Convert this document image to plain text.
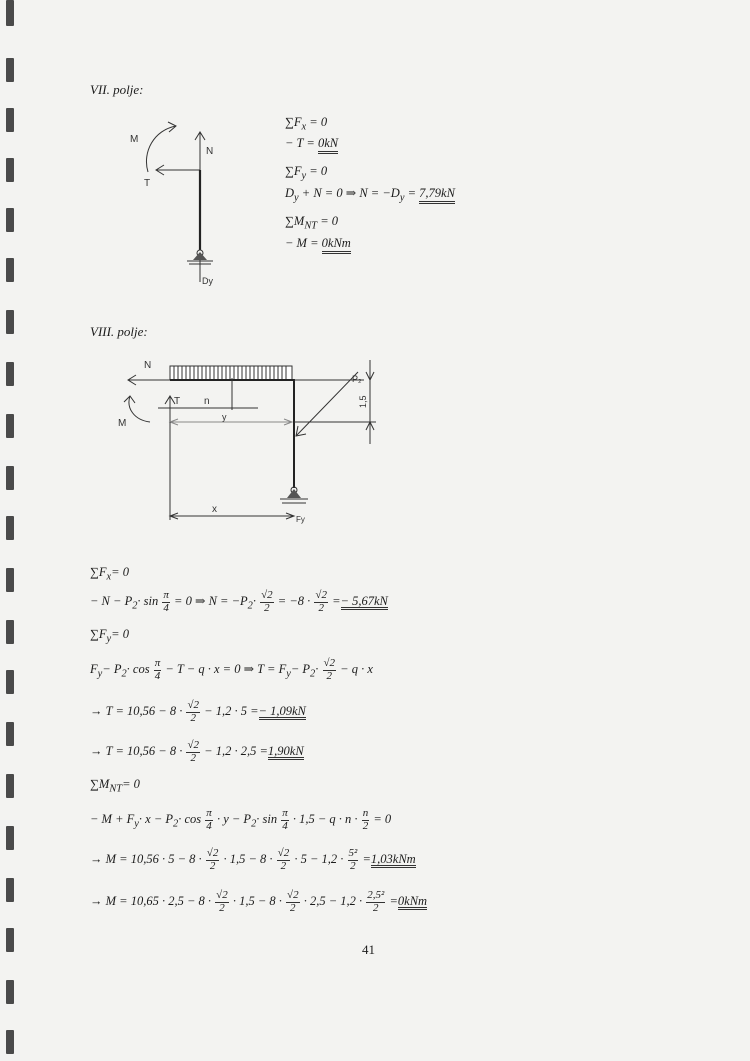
VII. polje:
M
N
T
Dy
$\sum F_x = 0$
− T = 0kN
$\sum F_y = 0$
$D_y + N = 0$ ⇒ $N = -D_y = 7,79kN$
$\sum M_{NT} = 0$
− M = 0kNm
VIII. polje:
N
M
T n
y
P₂
1,5
x
Fy
$\sum F_x= 0$
− $N - P_2\cdot \sin \frac{\pi}{4} = 0$ ⇒ $N = -P_2\cdot \frac{√2}{2} = -8 \cdot \frac{√2}{2} =- 5,67kN$
$\sum F_y= 0$
$F_y- P_2\cdot \cos \frac{\pi}{4} - T - q \cdot x = 0$ ⇒ $T = F_y- P_2\cdot \frac{√2}{2} - q \cdot x$
→ $T = 10,56 - 8 \cdot \frac{√2}{2} - 1,2 \cdot 5 =- 1,09kN$
→ $T = 10,56 - 8 \cdot \frac{√2}{2} - 1,2 \cdot 2,5 =1,90kN$
$\sum M_{NT}= 0$
− $M + F_y\cdot x - P_2\cdot \cos \frac{\pi}{4} \cdot y - P_2\cdot \sin \frac{\pi}{4} \cdot 1,5 - q \cdot n \cdot \frac{n}{2} = 0$
→ $M = 10,56 \cdot 5 - 8 \cdot \frac{√2}{2} \cdot 1,5 - 8 \cdot \frac{√2}{2} \cdot 5 - 1,2 \cdot \frac{\text{5²}}{2} =1,03kNm$
→ $M = 10,65 \cdot 2,5 - 8 \cdot \frac{√2}{2} \cdot 1,5 - 8 \cdot \frac{√2}{2} \cdot 2,5 - 1,2 \cdot \frac{\text{2,5²}}{2} =0kNm$
41
